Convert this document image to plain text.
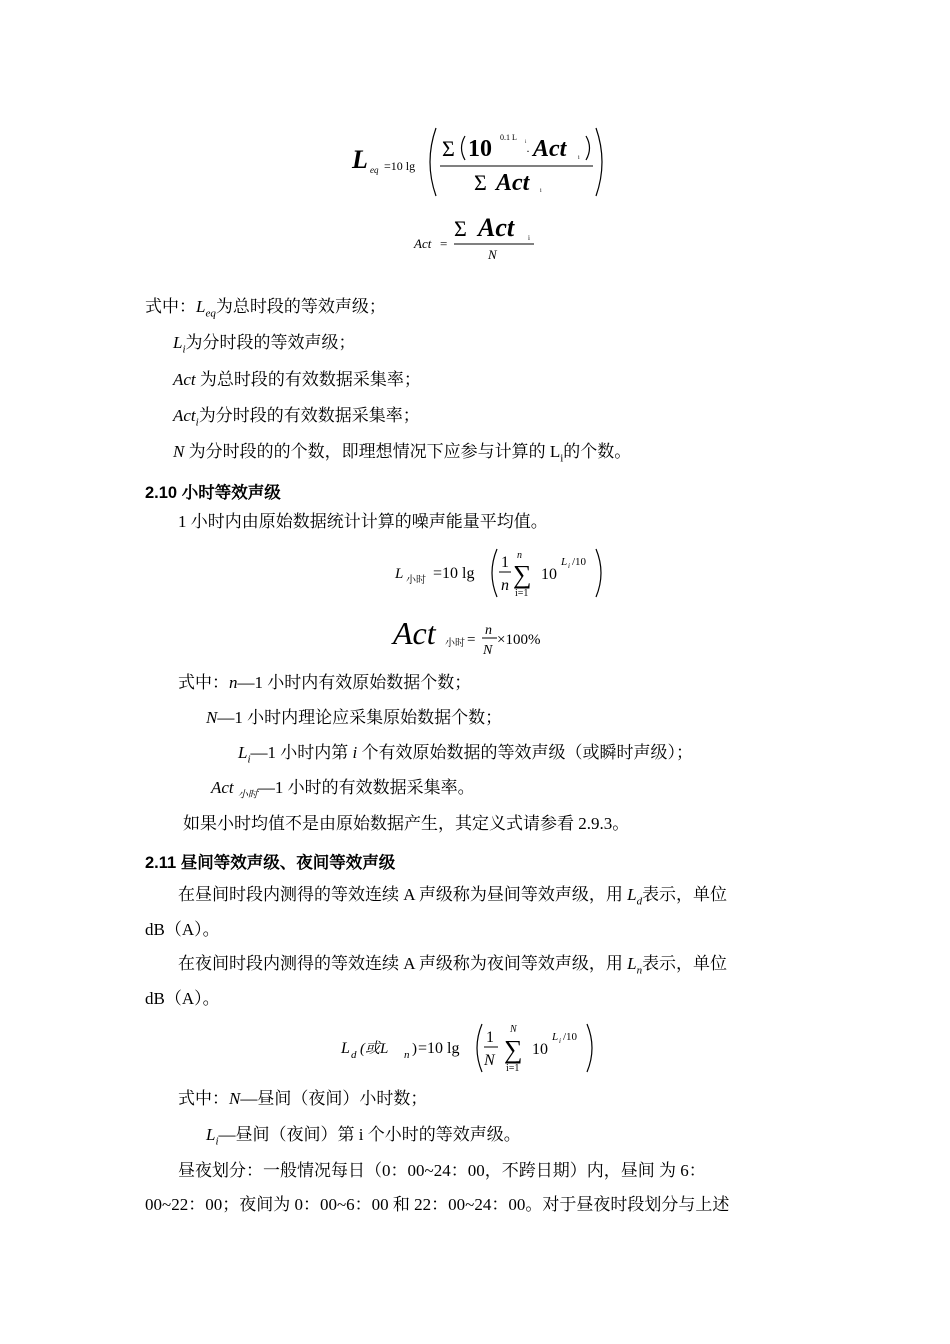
L eq =10 lg
Σ 10 0.1 L
i
· Act i
Σ Act i
Act =
Σ Act i
N
式中：$L_{eq}$为总时段的等效声级；
$L_i$为分时段的等效声级；
Act 为总时段的有效数据采集率；
Act$_i$为分时段的有效数据采集率；
N 为分时段的的个数，即理想情况下应参与计算的 $L_i$的个数。
2.10 小时等效声级
1 小时内由原始数据统计计算的噪声能量平均值。
L 小时 =10 lg
1
n
n
∑
i=1
10
L i /10
Act 小时 =
n
N
×100%
式中：n—1 小时内有效原始数据个数；
N—1 小时内理论应采集原始数据个数；
$L_i—1$ 小时内第 i 个有效原始数据的等效声级（或瞬时声级）；
Act $_{小时}$—1 小时的有效数据采集率。
如果小时均值不是由原始数据产生，其定义式请参看 2.9.3。
2.11 昼间等效声级、夜间等效声级
在昼间时段内测得的等效连续 A 声级称为昼间等效声级，用 $L_d$表示，单位
dB（A）。
在夜间时段内测得的等效连续 A 声级称为夜间等效声级，用 $L_n$表示，单位
dB（A）。
L d (或L n ) =10 lg
1
N
N
∑
i=1
10
L i /10
式中：N—昼间（夜间）小时数；
$L_i—$昼间（夜间）第 i 个小时的等效声级。
昼夜划分：一般情况每日（0：00~24：00，不跨日期）内，昼间 为 6：
00~22：00；夜间为 0：00~6：00 和 22：00~24：00。对于昼夜时段划分与上述
